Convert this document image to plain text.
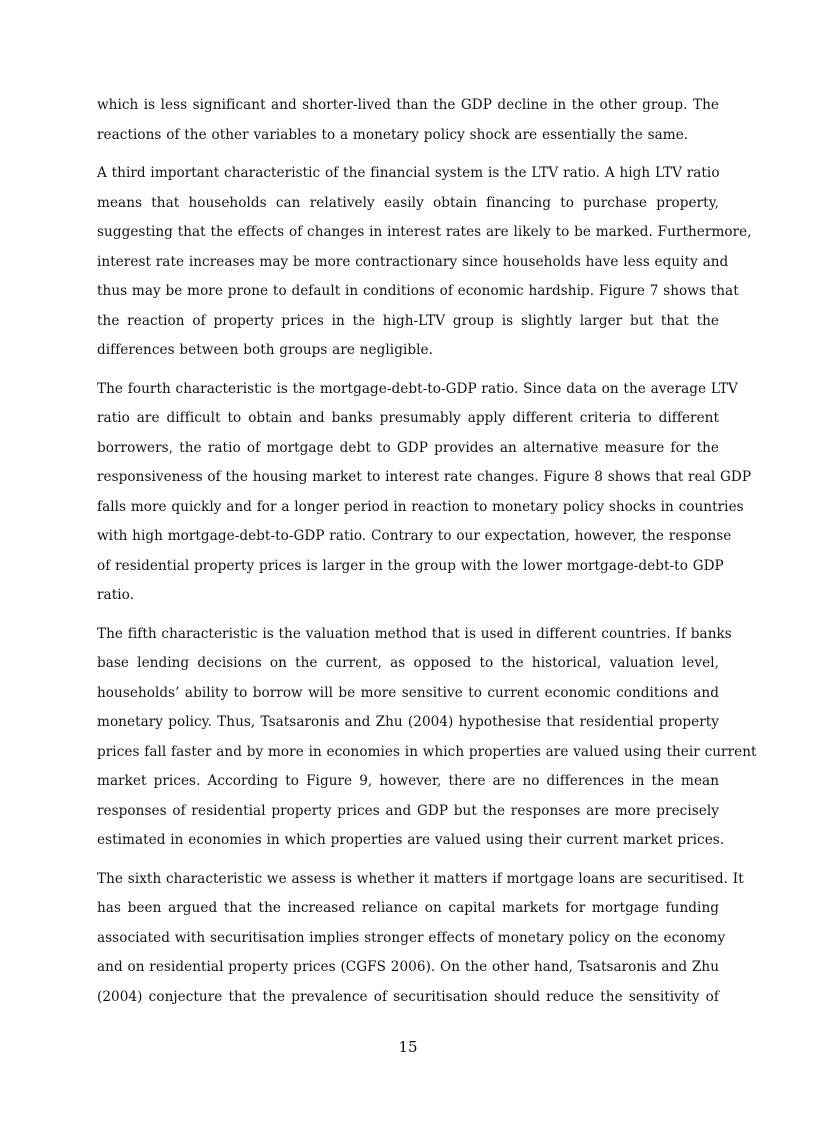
which is less significant and shorter-lived than the GDP decline in the other group. The
reactions of the other variables to a monetary policy shock are essentially the same.

A third important characteristic of the financial system is the LTV ratio. A high LTV ratio
means that households can relatively easily obtain financing to purchase property,
suggesting that the effects of changes in interest rates are likely to be marked. Furthermore,
interest rate increases may be more contractionary since households have less equity and
thus may be more prone to default in conditions of economic hardship. Figure 7 shows that
the reaction of property prices in the high-LTV group is slightly larger but that the
differences between both groups are negligible.

The fourth characteristic is the mortgage-debt-to-GDP ratio. Since data on the average LTV
ratio are difficult to obtain and banks presumably apply different criteria to different
borrowers, the ratio of mortgage debt to GDP provides an alternative measure for the
responsiveness of the housing market to interest rate changes. Figure 8 shows that real GDP
falls more quickly and for a longer period in reaction to monetary policy shocks in countries
with high mortgage-debt-to-GDP ratio. Contrary to our expectation, however, the response
of residential property prices is larger in the group with the lower mortgage-debt-to GDP
ratio.

The fifth characteristic is the valuation method that is used in different countries. If banks
base lending decisions on the current, as opposed to the historical, valuation level,
households’ ability to borrow will be more sensitive to current economic conditions and
monetary policy. Thus, Tsatsaronis and Zhu (2004) hypothesise that residential property
prices fall faster and by more in economies in which properties are valued using their current
market prices. According to Figure 9, however, there are no differences in the mean
responses of residential property prices and GDP but the responses are more precisely
estimated in economies in which properties are valued using their current market prices.

The sixth characteristic we assess is whether it matters if mortgage loans are securitised. It
has been argued that the increased reliance on capital markets for mortgage funding
associated with securitisation implies stronger effects of monetary policy on the economy
and on residential property prices (CGFS 2006). On the other hand, Tsatsaronis and Zhu
(2004) conjecture that the prevalence of securitisation should reduce the sensitivity of

15
